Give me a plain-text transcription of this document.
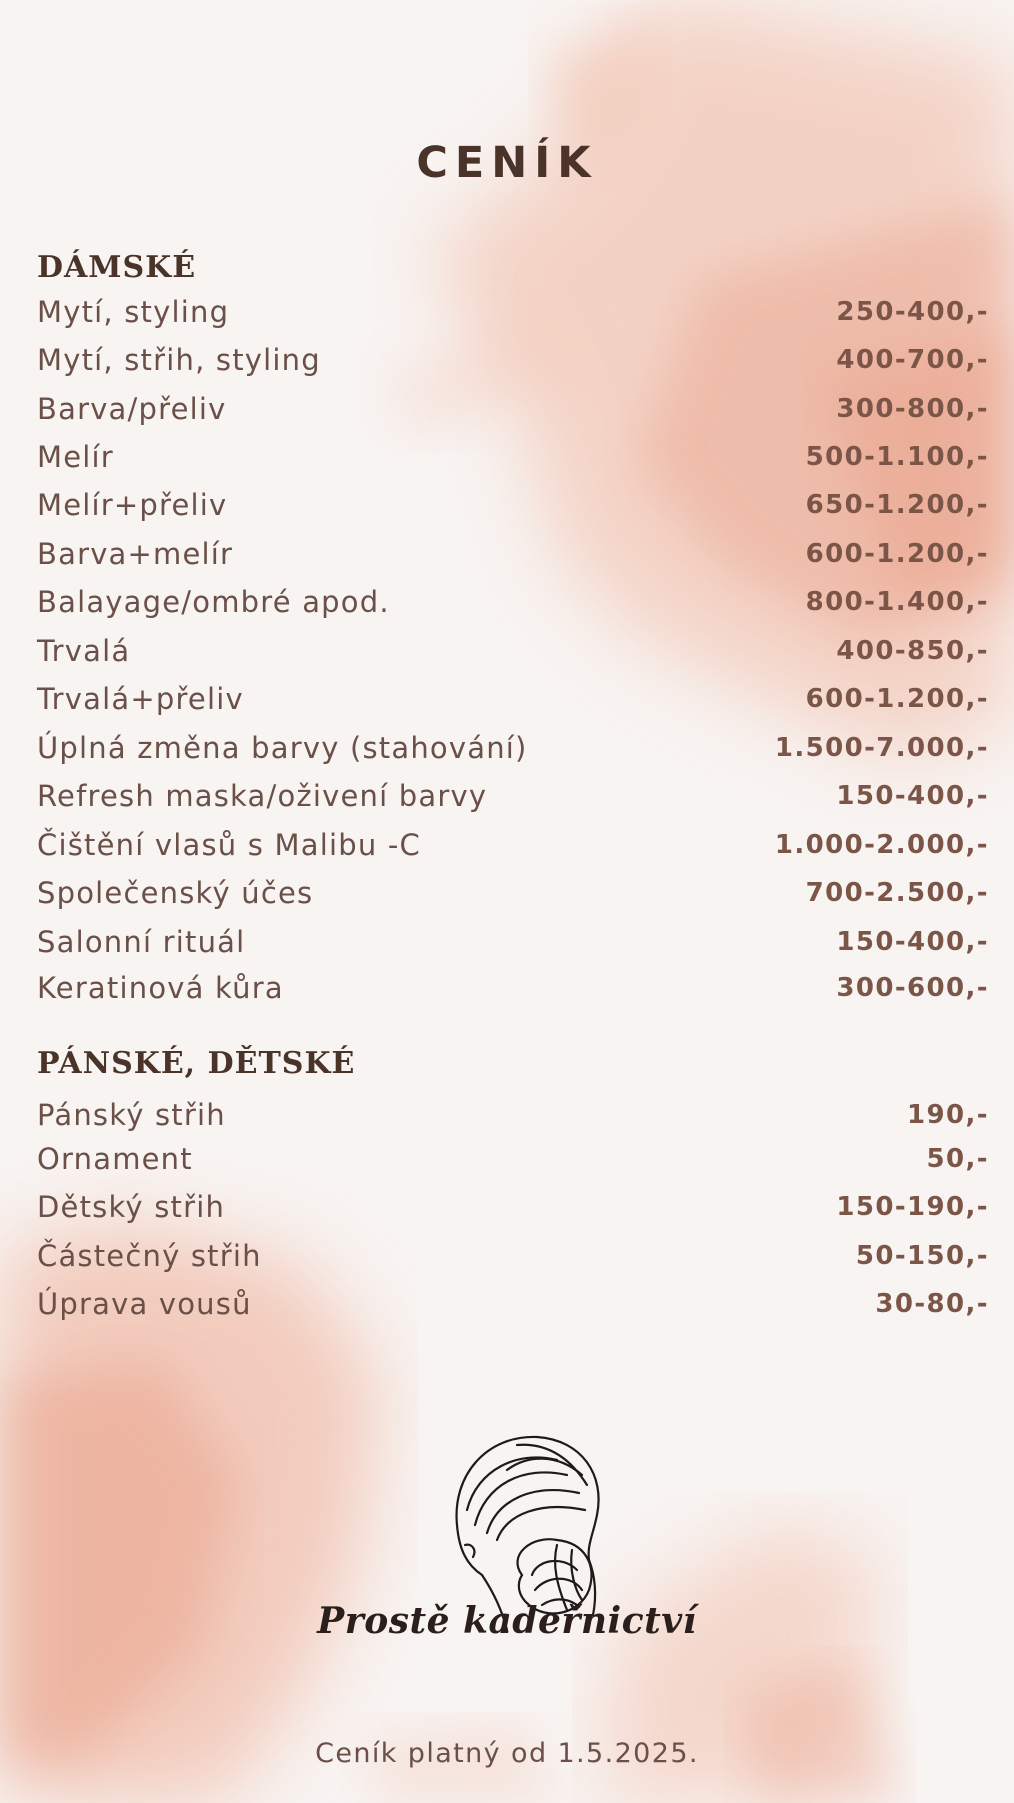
CENÍK
DÁMSKÉ
Mytí, styling	250-400,-
Mytí, střih, styling	400-700,-
Barva/přeliv	300-800,-
Melír	500-1.100,-
Melír+přeliv	650-1.200,-
Barva+melír	600-1.200,-
Balayage/ombré apod.	800-1.400,-
Trvalá	400-850,-
Trvalá+přeliv	600-1.200,-
Úplná změna barvy (stahování)	1.500-7.000,-
Refresh maska/oživení barvy	150-400,-
Čištění vlasů s Malibu -C	1.000-2.000,-
Společenský účes	700-2.500,-
Salonní rituál	150-400,-
Keratinová kůra	300-600,-
PÁNSKÉ, DĚTSKÉ
Pánský střih	190,-
Ornament	50,-
Dětský střih	150-190,-
Částečný střih	50-150,-
Úprava vousů	30-80,-
Prostě kadeřnictví
Ceník platný od 1.5.2025.
